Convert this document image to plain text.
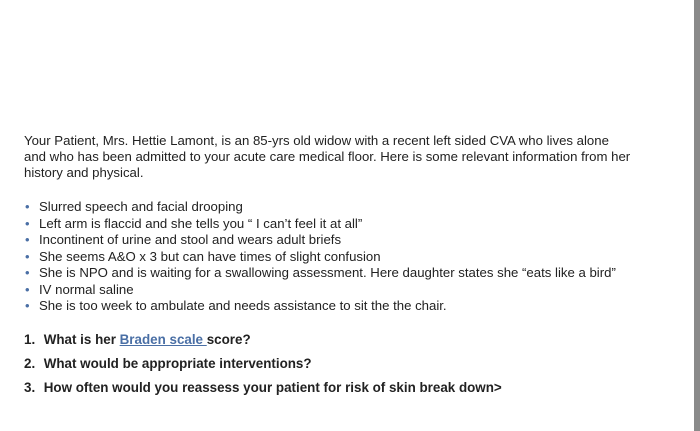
Your Patient, Mrs. Hettie Lamont, is an 85-yrs old widow with a recent left sided CVA who lives alone and who has been admitted to your acute care medical floor. Here is some relevant information from her history and physical.

• Slurred speech and facial drooping
• Left arm is flaccid and she tells you “ I can’t feel it at all”
• Incontinent of urine and stool and wears adult briefs
• She seems A&O x 3 but can have times of slight confusion
• She is NPO and is waiting for a swallowing assessment. Here daughter states she “eats like a bird”
• IV normal saline
• She is too week to ambulate and needs assistance to sit the the chair.
1. What is her Braden scale score?
2. What would be appropriate interventions?
3. How often would you reassess your patient for risk of skin break down>
